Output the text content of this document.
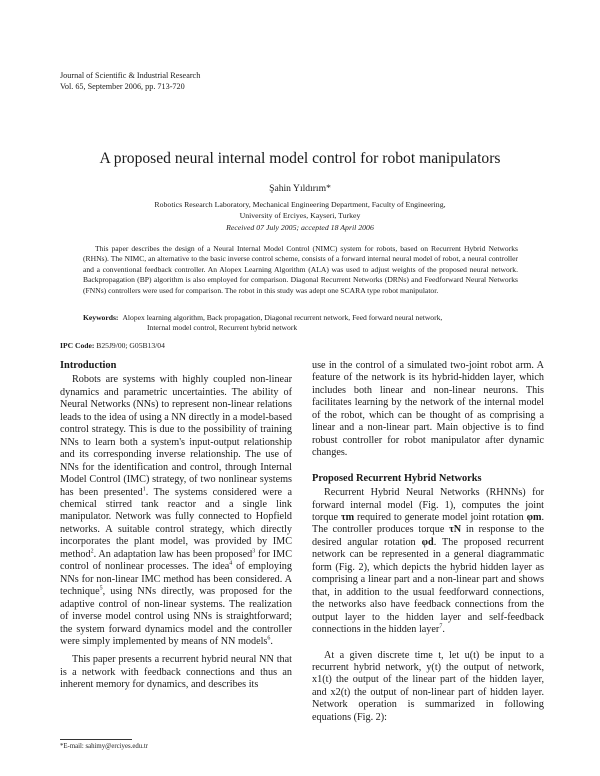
Journal of Scientific & Industrial Research
Vol. 65, September 2006, pp. 713-720
A proposed neural internal model control for robot manipulators
Şahin Yıldırım*
Robotics Research Laboratory, Mechanical Engineering Department, Faculty of Engineering,
University of Erciyes, Kayseri, Turkey
Received 07 July 2005; accepted 18 April 2006
This paper describes the design of a Neural Internal Model Control (NIMC) system for robots, based on Recurrent Hybrid Networks (RHNs). The NIMC, an alternative to the basic inverse control scheme, consists of a forward internal neural model of robot, a neural controller and a conventional feedback controller. An Alopex Learning Algorithm (ALA) was used to adjust weights of the proposed neural network. Backpropagation (BP) algorithm is also employed for comparison. Diagonal Recurrent Networks (DRNs) and Feedforward Neural Networks (FNNs) controllers were used for comparison. The robot in this study was adept one SCARA type robot manipulator.
Keywords: Alopex learning algorithm, Back propagation, Diagonal recurrent network, Feed forward neural network,
Internal model control, Recurrent hybrid network
IPC Code: B25J9/00; G05B13/04
Introduction

Robots are systems with highly coupled non-linear dynamics and parametric uncertainties. The ability of Neural Networks (NNs) to represent non-linear relations leads to the idea of using a NN directly in a model-based control strategy. This is due to the possibility of training NNs to learn both a system's input-output relationship and its corresponding inverse relationship. The use of NNs for the identification and control, through Internal Model Control (IMC) strategy, of two nonlinear systems has been presented$^1$. The systems considered were a chemical stirred tank reactor and a single link manipulator. Network was fully connected to Hopfield networks. A suitable control strategy, which directly incorporates the plant model, was provided by IMC method$^2$. An adaptation law has been proposed$^3$ for IMC control of nonlinear processes. The idea$^4$ of employing NNs for non-linear IMC method has been considered. A technique$^5$, using NNs directly, was proposed for the adaptive control of non-linear systems. The realization of inverse model control using NNs is straightforward; the system forward dynamics model and the controller were simply implemented by means of NN models$^6$.

This paper presents a recurrent hybrid neural NN that is a network with feedback connections and thus an inherent memory for dynamics, and describes its

use in the control of a simulated two-joint robot arm. A feature of the network is its hybrid-hidden layer, which includes both linear and non-linear neurons. This facilitates learning by the network of the internal model of the robot, which can be thought of as comprising a linear and a non-linear part. Main objective is to find robust controller for robot manipulator after dynamic changes.

Proposed Recurrent Hybrid Networks

Recurrent Hybrid Neural Networks (RHNNs) for forward internal model (Fig. 1), computes the joint torque τm required to generate model joint rotation φm. The controller produces torque τN in response to the desired angular rotation φd. The proposed recurrent network can be represented in a general diagrammatic form (Fig. 2), which depicts the hybrid hidden layer as comprising a linear part and a non-linear part and shows that, in addition to the usual feedforward connections, the networks also have feedback connections from the output layer to the hidden layer and self-feedback connections in the hidden layer$^7$.

At a given discrete time t, let u(t) be input to a recurrent hybrid network, y(t) the output of network, x1(t) the output of the linear part of the hidden layer, and x2(t) the output of non-linear part of hidden layer. Network operation is summarized in following equations (Fig. 2):

*E-mail: sahimy@erciyes.edu.tr
